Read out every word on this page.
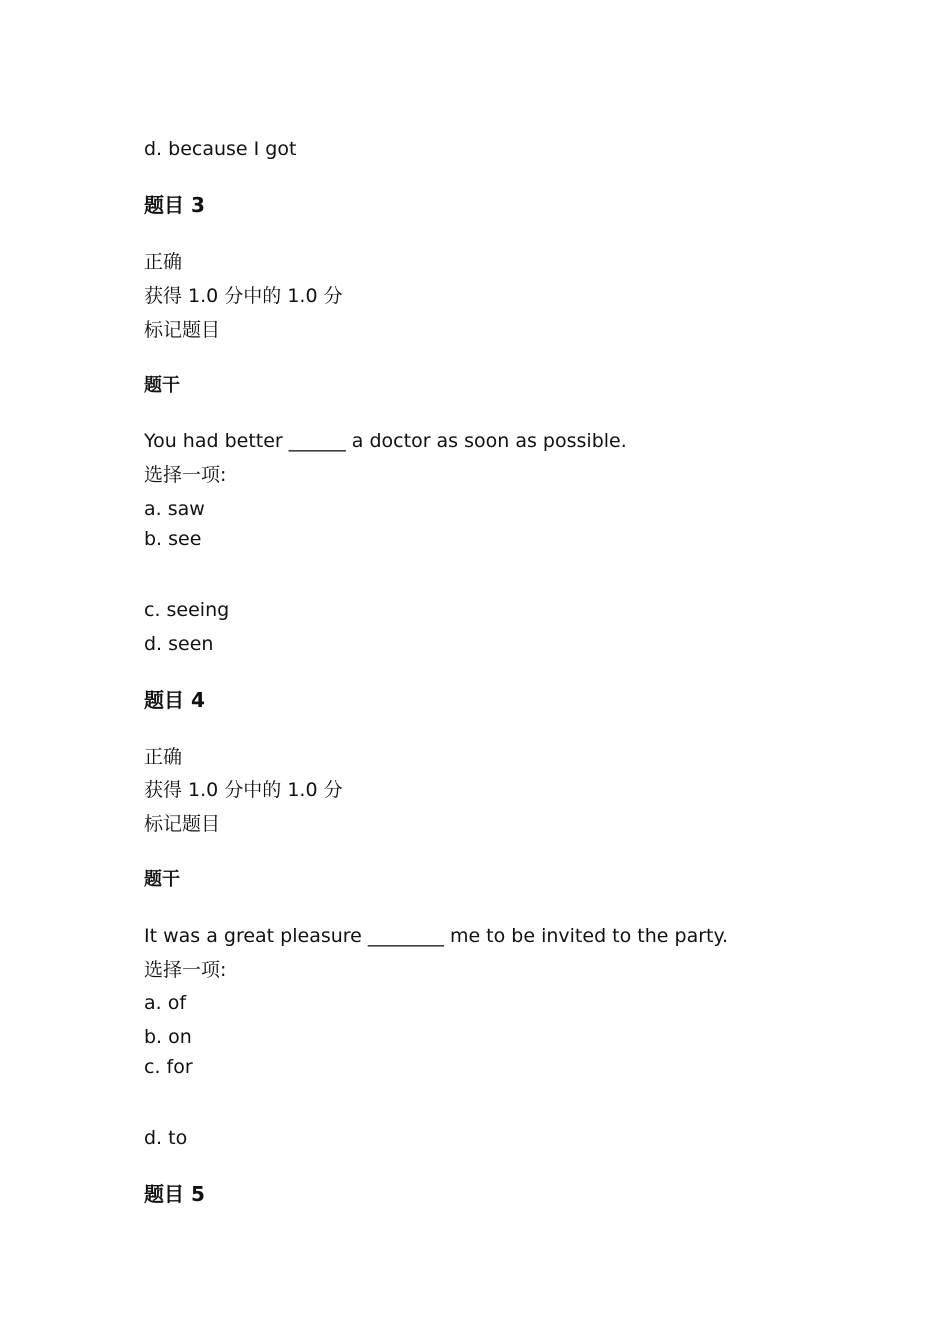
d. because I got
题目 3
正确
获得 1.0 分中的 1.0 分
标记题目
题干
You had better ______ a doctor as soon as possible.
选择一项:
a. saw
b. see
c. seeing
d. seen
题目 4
正确
获得 1.0 分中的 1.0 分
标记题目
题干
It was a great pleasure ________ me to be invited to the party.
选择一项:
a. of
b. on
c. for
d. to
题目 5
